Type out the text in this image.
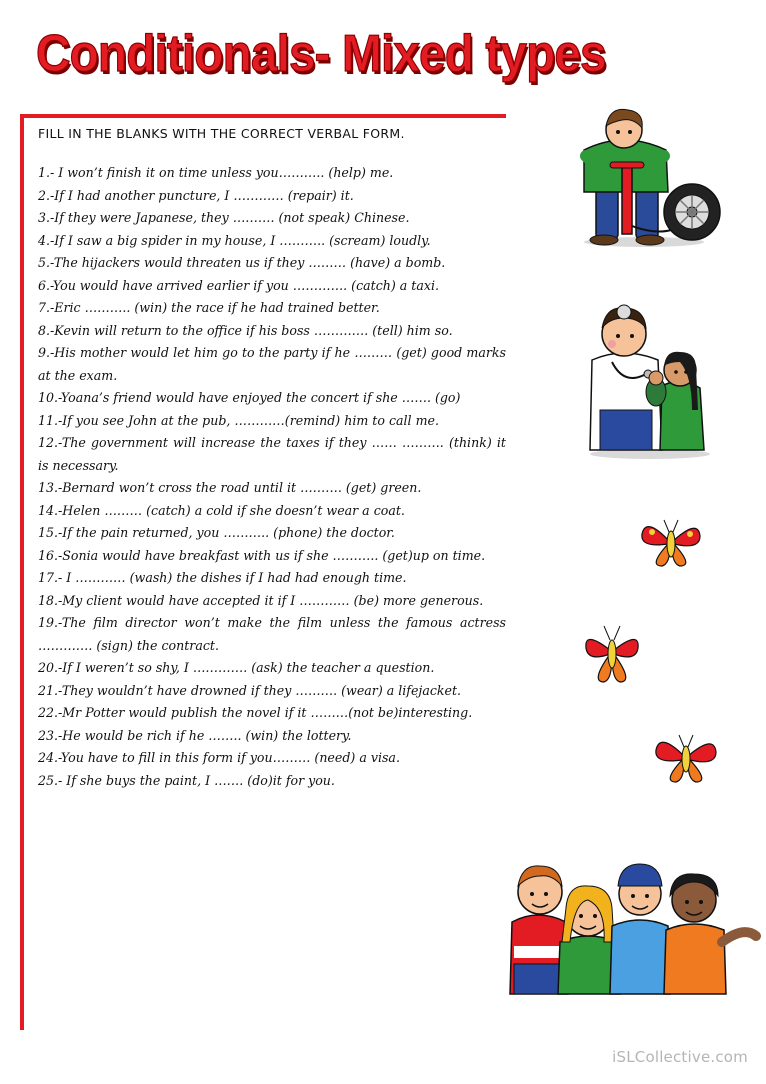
Conditionals- Mixed types
FILL IN THE BLANKS WITH THE CORRECT VERBAL FORM.

1.- I won’t finish it on time unless you……….. (help) me.

2.-If I had another puncture, I ………… (repair) it.

3.-If they were Japanese, they ………. (not speak) Chinese.

4.-If I saw a big spider in my house, I ……….. (scream) loudly.

5.-The hijackers would threaten us if they ……… (have) a bomb.

6.-You would have arrived earlier if you …………. (catch) a taxi.

7.-Eric ……….. (win) the race if he had trained better.

8.-Kevin will return to the office if his boss …………. (tell) him so.

9.-His mother would let him go to the party if he ……… (get) good marks at the exam.

10.-Yoana’s friend would have enjoyed the concert if she ……. (go)

11.-If you see John at the pub, …………(remind) him to call me.

12.-The government will increase the taxes if they …… ………. (think) it is necessary.

13.-Bernard won’t cross the road until it ………. (get) green.

14.-Helen ……… (catch) a cold if she doesn’t wear a coat.

15.-If the pain returned, you ……….. (phone) the doctor.

16.-Sonia would have breakfast with us if she ……….. (get)up on time.

17.- I ………… (wash) the dishes if I had had enough time.

18.-My client would have accepted it if I ………… (be) more generous.

19.-The film director won’t make the film unless the famous actress …………. (sign) the contract.

20.-If I weren’t so shy, I …………. (ask) the teacher a question.

21.-They wouldn’t have drowned if they ………. (wear) a lifejacket.

22.-Mr Potter would publish the novel if it ………(not be)interesting.

23.-He would be rich if he …….. (win) the lottery.

24.-You have to fill in this form if you……… (need) a visa.

25.- If she buys the paint, I ……. (do)it for you.

iSLCollective.com
